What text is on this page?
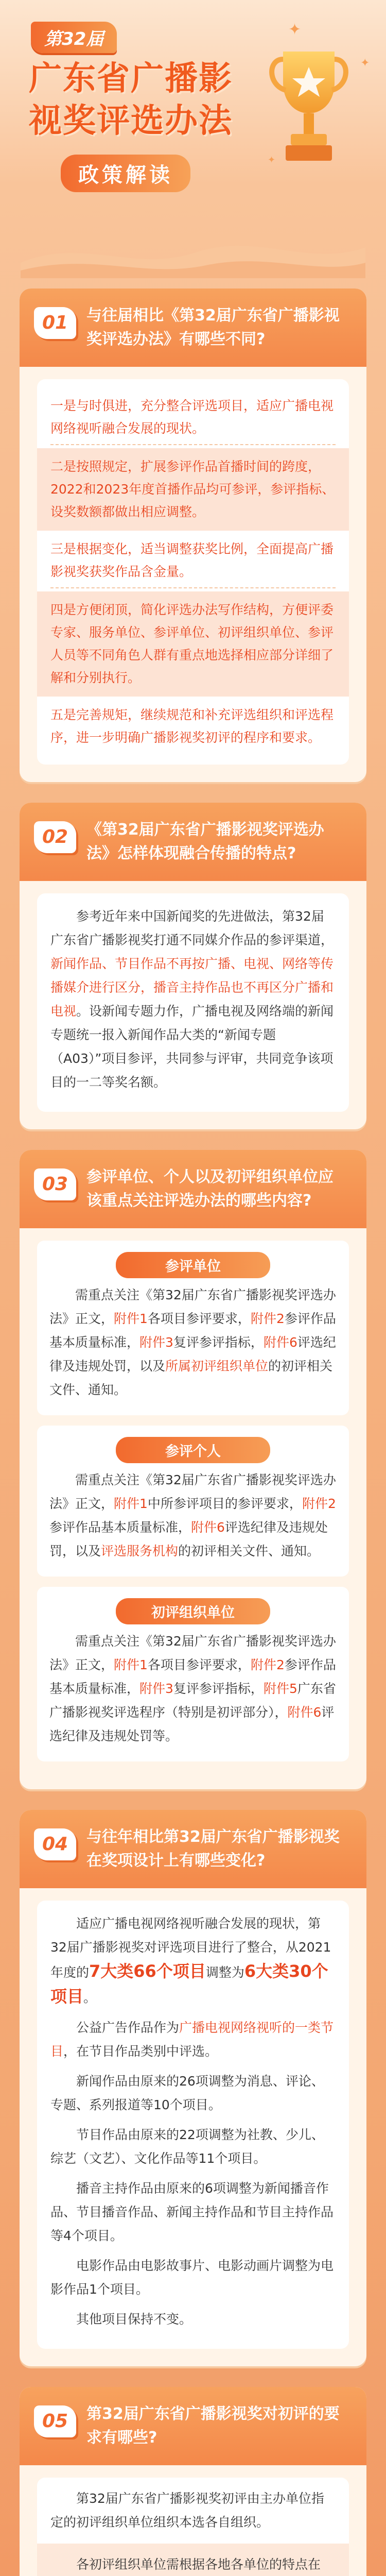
第32届
广东省广播影
视奖评选办法
政策解读
✦
✦
✦
01	与往届相比《第32届广东省广播影视奖评选办法》有哪些不同?
一是与时俱进，充分整合评选项目，适应广播电视网络视听融合发展的现状。
二是按照规定，扩展参评作品首播时间的跨度，2022和2023年度首播作品均可参评，参评指标、设奖数额都做出相应调整。
三是根据变化，适当调整获奖比例，全面提高广播影视奖获奖作品含金量。
四是方便闭顶，简化评选办法写作结构，方便评委专家、服务单位、参评单位、初评组织单位、参评人员等不同角色人群有重点地选择相应部分详细了解和分别执行。
五是完善规矩，继续规范和补充评选组织和评选程序，进一步明确广播影视奖初评的程序和要求。
02	《第32届广东省广播影视奖评选办法》怎样体现融合传播的特点?

参考近年来中国新闻奖的先进做法，第32届广东省广播影视奖打通不同媒介作品的参评渠道，新闻作品、节目作品不再按广播、电视、网络等传播媒介进行区分，播音主持作品也不再区分广播和电视。设新闻专题力作，广播电视及网络端的新闻专题统一报入新闻作品大类的“新闻专题（A03）”项目参评，共同参与评审，共同竞争该项目的一二等奖名额。

03	参评单位、个人以及初评组织单位应该重点关注评选办法的哪些内容?
参评单位

需重点关注《第32届广东省广播影视奖评选办法》正文，附件1各项目参评要求，附件2参评作品基本质量标准，附件3复评参评指标，附件6评选纪律及违规处罚，以及所属初评组织单位的初评相关文件、通知。

参评个人

需重点关注《第32届广东省广播影视奖评选办法》正文，附件1中所参评项目的参评要求，附件2参评作品基本质量标准，附件6评选纪律及违规处罚，以及评选服务机构的初评相关文件、通知。

初评组织单位

需重点关注《第32届广东省广播影视奖评选办法》正文，附件1各项目参评要求，附件2参评作品基本质量标准，附件3复评参评指标，附件5广东省广播影视奖评选程序（特别是初评部分），附件6评选纪律及违规处罚等。

04	与往年相比第32届广东省广播影视奖在奖项设计上有哪些变化?

适应广播电视网络视听融合发展的现状，第32届广播影视奖对评选项目进行了整合，从2021年度的7大类66个项目调整为6大类30个项目。

公益广告作品作为广播电视网络视听的一类节目，在节目作品类别中评选。

新闻作品由原来的26项调整为消息、评论、专题、系列报道等10个项目。

节目作品由原来的22项调整为社教、少儿、综艺（文艺）、文化作品等11个项目。

播音主持作品由原来的6项调整为新闻播音作品、节目播音作品、新闻主持作品和节目主持作品等4个项目。

电影作品由电影故事片、电影动画片调整为电影作品1个项目。

其他项目保持不变。

05	第32届广东省广播影视奖对初评的要求有哪些?

第32届广东省广播影视奖初评由主办单位指定的初评组织单位组织本选各自组织。

各初评组织单位需根据各地各单位的特点在
